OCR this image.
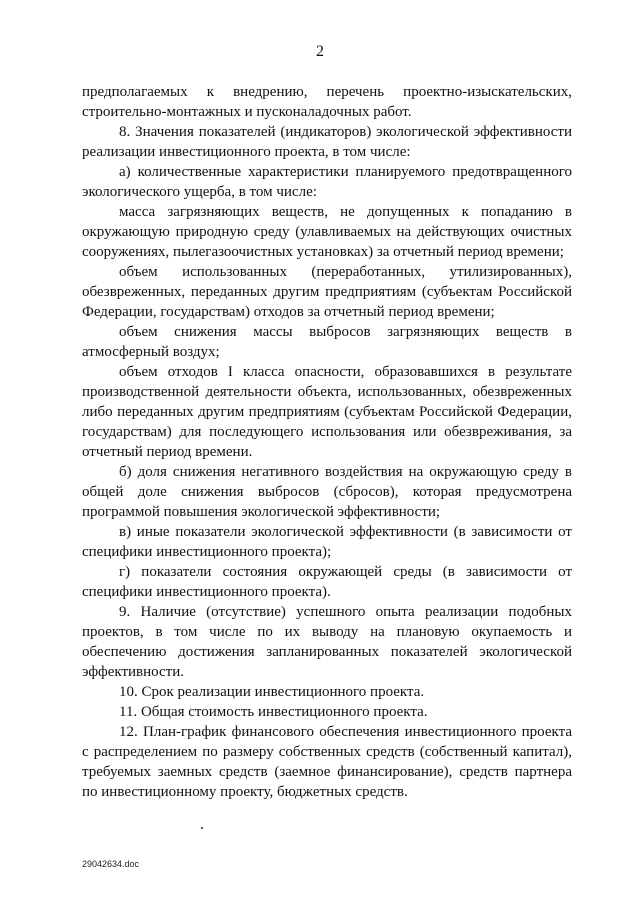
2

предполагаемых к внедрению, перечень проектно-изыскательских, строительно-монтажных и пусконаладочных работ.

8. Значения показателей (индикаторов) экологической эффективности реализации инвестиционного проекта, в том числе:

а) количественные характеристики планируемого предотвращенного экологического ущерба, в том числе:

масса загрязняющих веществ, не допущенных к попаданию в окружающую природную среду (улавливаемых на действующих очистных сооружениях, пылегазоочистных установках) за отчетный период времени;

объем использованных (переработанных, утилизированных), обезвреженных, переданных другим предприятиям (субъектам Российской Федерации, государствам) отходов за отчетный период времени;

объем снижения массы выбросов загрязняющих веществ в атмосферный воздух;

объем отходов I класса опасности, образовавшихся в результате производственной деятельности объекта, использованных, обезвреженных либо переданных другим предприятиям (субъектам Российской Федерации, государствам) для последующего использования или обезвреживания, за отчетный период времени.

б) доля снижения негативного воздействия на окружающую среду в общей доле снижения выбросов (сбросов), которая предусмотрена программой повышения экологической эффективности;

в) иные показатели экологической эффективности (в зависимости от специфики инвестиционного проекта);

г) показатели состояния окружающей среды (в зависимости от специфики инвестиционного проекта).

9. Наличие (отсутствие) успешного опыта реализации подобных проектов, в том числе по их выводу на плановую окупаемость и обеспечению достижения запланированных показателей экологической эффективности.

10. Срок реализации инвестиционного проекта.

11. Общая стоимость инвестиционного проекта.

12. План-график финансового обеспечения инвестиционного проекта с распределением по размеру собственных средств (собственный капитал), требуемых заемных средств (заемное финансирование), средств партнера по инвестиционному проекту, бюджетных средств.

29042634.doc
